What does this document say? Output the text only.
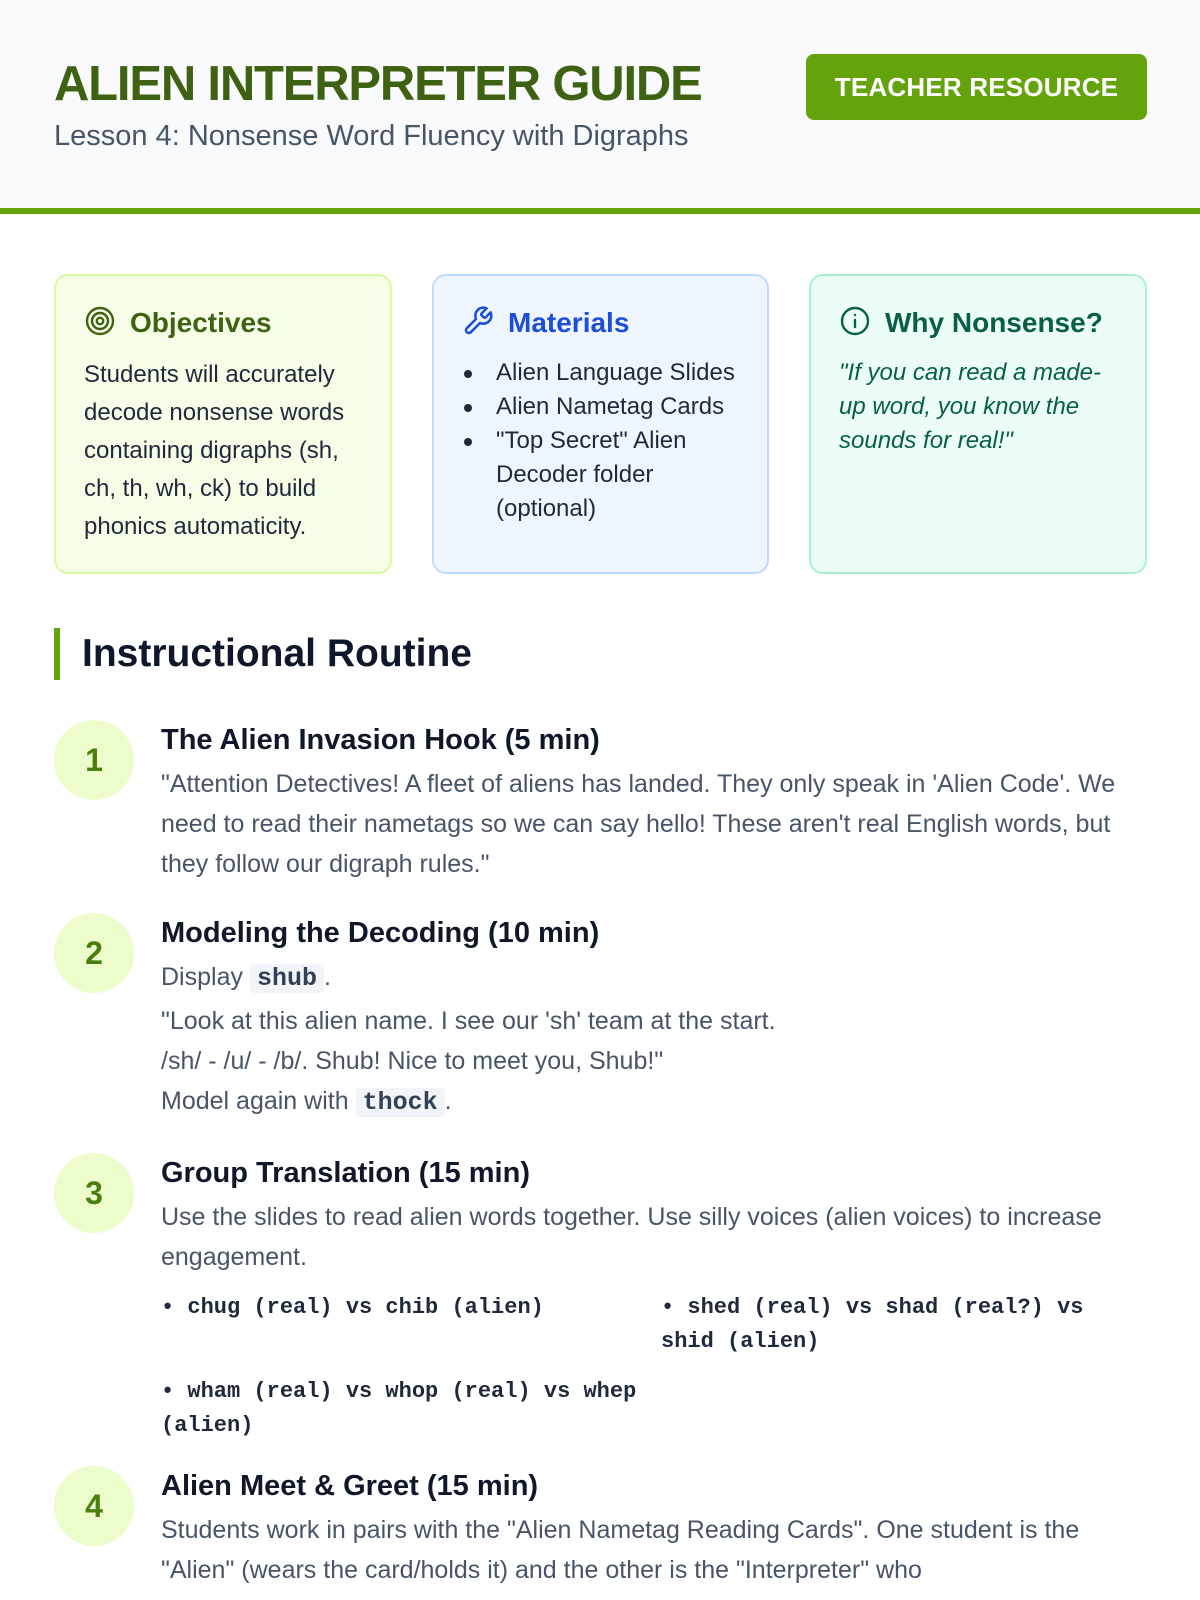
ALIEN INTERPRETER GUIDE
Lesson 4: Nonsense Word Fluency with Digraphs
TEACHER RESOURCE
Objectives

Students will accurately decode nonsense words containing digraphs (sh, ch, th, wh, ck) to build phonics automaticity.

Materials
Alien Language Slides
Alien Nametag Cards
"Top Secret" Alien Decoder folder (optional)
Why Nonsense?

"If you can read a made-up word, you know the sounds for real!"

Instructional Routine
1
The Alien Invasion Hook (5 min)

"Attention Detectives! A fleet of aliens has landed. They only speak in 'Alien Code'. We need to read their nametags so we can say hello! These aren't real English words, but they follow our digraph rules."

2
Modeling the Decoding (10 min)
Display shub .

"Look at this alien name. I see our 'sh' team at the start.

/sh/ - /u/ - /b/. Shub! Nice to meet you, Shub!"

Model again with thock .
3
Group Translation (15 min)

Use the slides to read alien words together. Use silly voices (alien voices) to increase engagement.

• chug (real) vs chib (alien)	• shed (real) vs shad (real?) vs shid (alien)
• wham (real) vs whop (real) vs whep (alien)
4
Alien Meet & Greet (15 min)

Students work in pairs with the "Alien Nametag Reading Cards". One student is the "Alien" (wears the card/holds it) and the other is the "Interpreter" who
